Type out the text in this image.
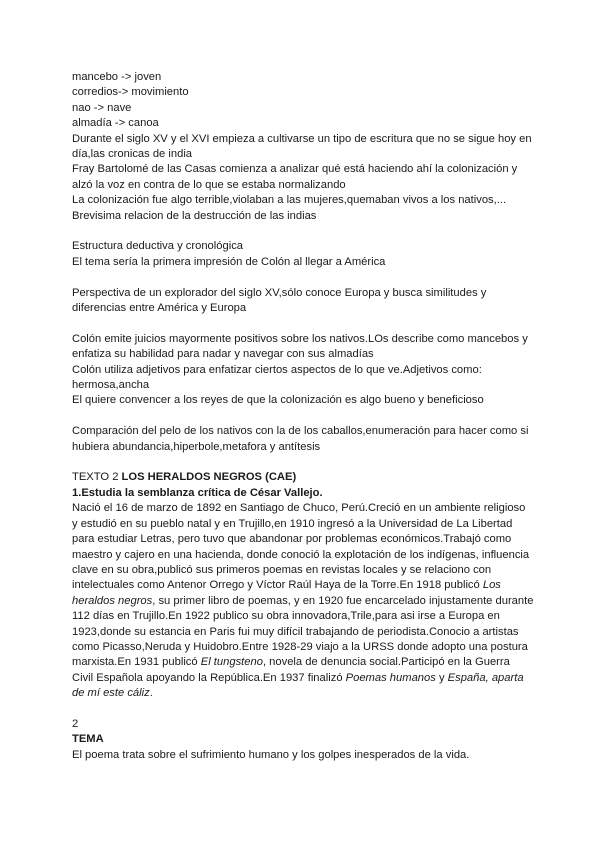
mancebo -> joven

corredios-> movimiento

nao -> nave

almadía -> canoa

Durante el siglo XV y el XVI empieza a cultivarse un tipo de escritura que no se sigue hoy en día,las cronicas de india

Fray Bartolomé de las Casas comienza a analizar qué está haciendo ahí la colonización y alzó la voz en contra de lo que se estaba normalizando

La colonización fue algo terrible,violaban a las mujeres,quemaban vivos a los nativos,...

Brevisima relacion de la destrucción de las indias

Estructura deductiva y cronológica

El tema sería la primera impresión de Colón al llegar a América

Perspectiva de un explorador del siglo XV,sólo conoce Europa y busca similitudes y diferencias entre América y Europa

Colón emite juicios mayormente positivos sobre los nativos.LOs describe como mancebos y enfatiza su habilidad para nadar y navegar con sus almadías

Colón utiliza adjetivos para enfatizar ciertos aspectos de lo que ve.Adjetivos como: hermosa,ancha

El quiere convencer a los reyes de que la colonización es algo bueno y beneficioso

Comparación del pelo de los nativos con la de los caballos,enumeración para hacer como si hubiera abundancia,hiperbole,metafora y antítesis

TEXTO 2 LOS HERALDOS NEGROS (CAE)

1.Estudia la semblanza crítica de César Vallejo.

Nació el 16 de marzo de 1892 en Santiago de Chuco, Perú.Creció en un ambiente religioso y estudió en su pueblo natal y en Trujillo,en 1910 ingresó a la Universidad de La Libertad para estudiar Letras, pero tuvo que abandonar por problemas económicos.Trabajó como maestro y cajero en una hacienda, donde conoció la explotación de los indígenas, influencia clave en su obra,publicó sus primeros poemas en revistas locales y se relaciono con intelectuales como Antenor Orrego y Víctor Raúl Haya de la Torre.En 1918 publicó Los heraldos negros, su primer libro de poemas, y en 1920 fue encarcelado injustamente durante 112 días en Trujillo.En 1922 publico su obra innovadora,Trile,para asi irse a Europa en 1923,donde su estancia en Paris fui muy difícil trabajando de periodista.Conocio a artistas como Picasso,Neruda y Huidobro.Entre 1928-29 viajo a la URSS donde adopto una postura marxista.En 1931 publicó El tungsteno, novela de denuncia social.Participó en la Guerra Civil Española apoyando la República.En 1937 finalizó Poemas humanos y España, aparta de mí este cáliz.

2

TEMA

El poema trata sobre el sufrimiento humano y los golpes inesperados de la vida.
